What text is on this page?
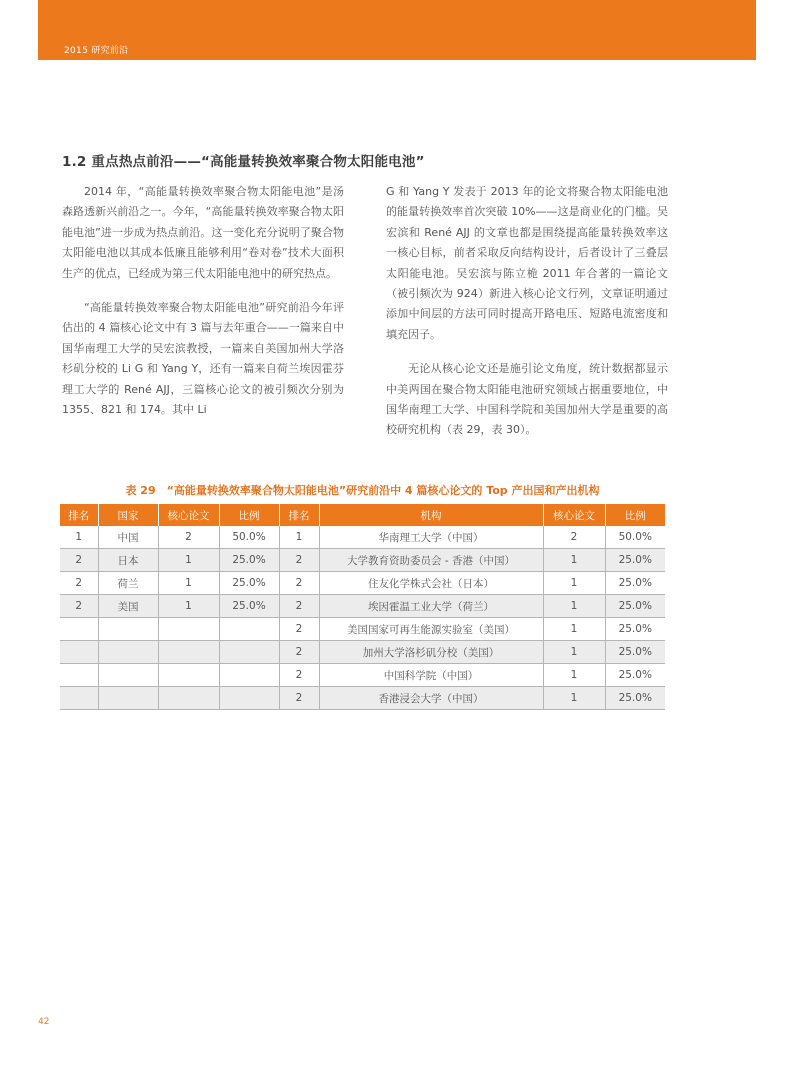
2015 研究前沿
1.2 重点热点前沿——“高能量转换效率聚合物太阳能电池”

2014 年，“高能量转换效率聚合物太阳能电池”是汤森路透新兴前沿之一。今年，“高能量转换效率聚合物太阳能电池”进一步成为热点前沿。这一变化充分说明了聚合物太阳能电池以其成本低廉且能够利用“卷对卷”技术大面积生产的优点，已经成为第三代太阳能电池中的研究热点。

“高能量转换效率聚合物太阳能电池”研究前沿今年评估出的 4 篇核心论文中有 3 篇与去年重合——一篇来自中国华南理工大学的吴宏滨教授，一篇来自美国加州大学洛杉矶分校的 Li G 和 Yang Y，还有一篇来自荷兰埃因霍芬理工大学的 René AJJ，三篇核心论文的被引频次分别为 1355、821 和 174。其中 Li

G 和 Yang Y 发表于 2013 年的论文将聚合物太阳能电池的能量转换效率首次突破 10%——这是商业化的门槛。吴宏滨和 René AJJ 的文章也都是围绕提高能量转换效率这一核心目标，前者采取反向结构设计，后者设计了三叠层太阳能电池。吴宏滨与陈立桅 2011 年合著的一篇论文（被引频次为 924）新进入核心论文行列，文章证明通过添加中间层的方法可同时提高开路电压、短路电流密度和填充因子。

无论从核心论文还是施引论文角度，统计数据都显示中美两国在聚合物太阳能电池研究领域占据重要地位，中国华南理工大学、中国科学院和美国加州大学是重要的高校研究机构（表 29，表 30）。

表 29　“高能量转换效率聚合物太阳能电池”研究前沿中 4 篇核心论文的 Top 产出国和产出机构
排名	国家	核心论文	比例	排名	机构	核心论文	比例
1	中国	2	50.0%	1	华南理工大学（中国）	2	50.0%
2	日本	1	25.0%	2	大学教育资助委员会 - 香港（中国）	1	25.0%
2	荷兰	1	25.0%	2	住友化学株式会社（日本）	1	25.0%
2	美国	1	25.0%	2	埃因霍温工业大学（荷兰）	1	25.0%
				2	美国国家可再生能源实验室（美国）	1	25.0%
				2	加州大学洛杉矶分校（美国）	1	25.0%
				2	中国科学院（中国）	1	25.0%
				2	香港浸会大学（中国）	1	25.0%
42
